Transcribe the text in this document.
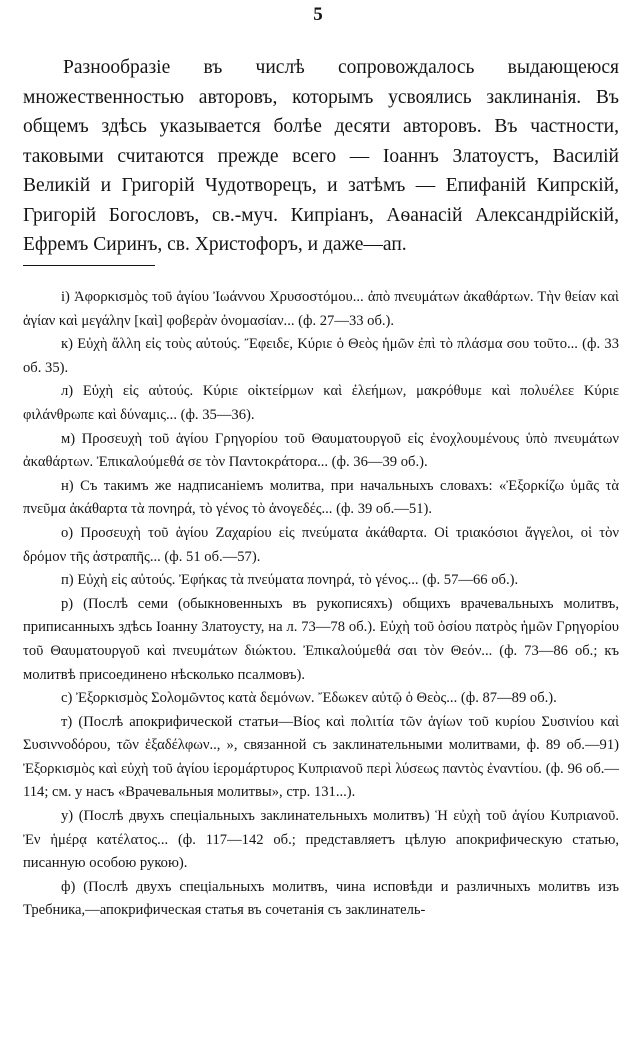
5

Разнообразіе въ числѣ сопровождалось выдающеюся множественностью авторовъ, которымъ усвоялись заклинанія. Въ общемъ здѣсь указывается болѣе десяти авторовъ. Въ частности, таковыми считаются прежде всего — Іоаннъ Златоустъ, Василій Великій и Григорій Чудотворецъ, и затѣмъ — Епифаній Кипрскій, Григорій Богословъ, св.-муч. Кипріанъ, Аѳанасій Александрійскій, Ефремъ Сиринъ, св. Христофоръ, и даже—ап.

i) Ἀφορκισμὸς τοῦ ἁγίου Ἰωάννου Χρυσοστόμου... ἀπὸ πνευμάτων ἀκαθάρτων. Τὴν θείαν καὶ ἁγίαν καὶ μεγάλην [καὶ] φοβερὰν ὀνομασίαν... (ф. 27—33 об.).

к) Εὐχὴ ἄλλη εἰς τοὺς αὐτούς. Ἔφειδε, Κύριε ὁ Θεὸς ἡμῶν ἐπὶ τὸ πλάσμα σου τοῦτο... (ф. 33 об. 35).

л) Εὐχὴ εἰς αὐτούς. Κύριε οἰκτείρμων καὶ ἐλεήμων, μακρόθυμε καὶ πολυέλεε Κύριε φιλάνθρωπε καὶ δύναμις... (ф. 35—36).

м) Προσευχὴ τοῦ ἁγίου Γρηγορίου τοῦ Θαυματουργοῦ εἰς ἐνοχλουμένους ὑπὸ πνευμάτων ἀκαθάρτων. Ἐπικαλούμεθά σε τὸν Παντοκράτορα... (ф. 36—39 об.).

н) Съ такимъ же надписаніемъ молитва, при начальныхъ словахъ: «Ἐξορκίζω ὑμᾶς τὰ πνεῦμα ἀκάθαρτα τὰ πονηρά, τὸ γένος τὸ ἀνογεδές... (ф. 39 об.—51).

о) Προσευχὴ τοῦ ἁγίου Ζαχαρίου εἰς πνεύματα ἀκάθαρτα. Οἱ τριακόσιοι ἄγγελοι, οἱ τὸν δρόμον τῆς ἀστραπῆς... (ф. 51 об.—57).

п) Εὐχὴ εἰς αὐτούς. Ἐφήκας τὰ πνεύματα πονηρά, τὸ γένος... (ф. 57—66 об.).

р) (Послѣ семи (обыкновенныхъ въ рукописяхъ) общихъ врачевальныхъ молитвъ, приписанныхъ здѣсь Іоанну Златоусту, на л. 73—78 об.). Εὐχὴ τοῦ ὁσίου πατρὸς ἡμῶν Γρηγορίου τοῦ Θαυματουργοῦ καὶ πνευμάτων διώκτου. Ἐπικαλούμεθά σαι τὸν Θεόν... (ф. 73—86 об.; къ молитвѣ присоединено нѣсколько псалмовъ).

с) Ἐξορκισμὸς Σολομῶντος κατὰ δεμόνων. Ἔδωκεν αὐτῷ ὁ Θεὸς... (ф. 87—89 об.).

т) (Послѣ апокрифической статьи—Βίος καὶ πολιτία τῶν ἁγίων τοῦ κυρίου Συσινίου καὶ Συσιννοδόρου, τῶν ἐξαδέλφων.., », связанной съ заклинательными молитвами, ф. 89 об.—91) Ἐξορκισμὸς καὶ εὐχὴ τοῦ ἁγίου ἱερομάρτυρος Κυπριανοῦ περὶ λύσεως παντὸς ἐναντίου. (ф. 96 об.—114; см. у насъ «Врачевальныя молитвы», стр. 131...).

у) (Послѣ двухъ спеціальныхъ заклинательныхъ молитвъ) Ἡ εὐχὴ τοῦ ἁγίου Κυπριανοῦ. Ἐν ἡμέρᾳ κατέλατος... (ф. 117—142 об.; представляетъ цѣлую апокрифическую статью, писанную особою рукою).

ф) (Послѣ двухъ спеціальныхъ молитвъ, чина исповѣди и различныхъ молитвъ изъ Требника,—апокрифическая статья въ сочетанія съ заклинатель-
